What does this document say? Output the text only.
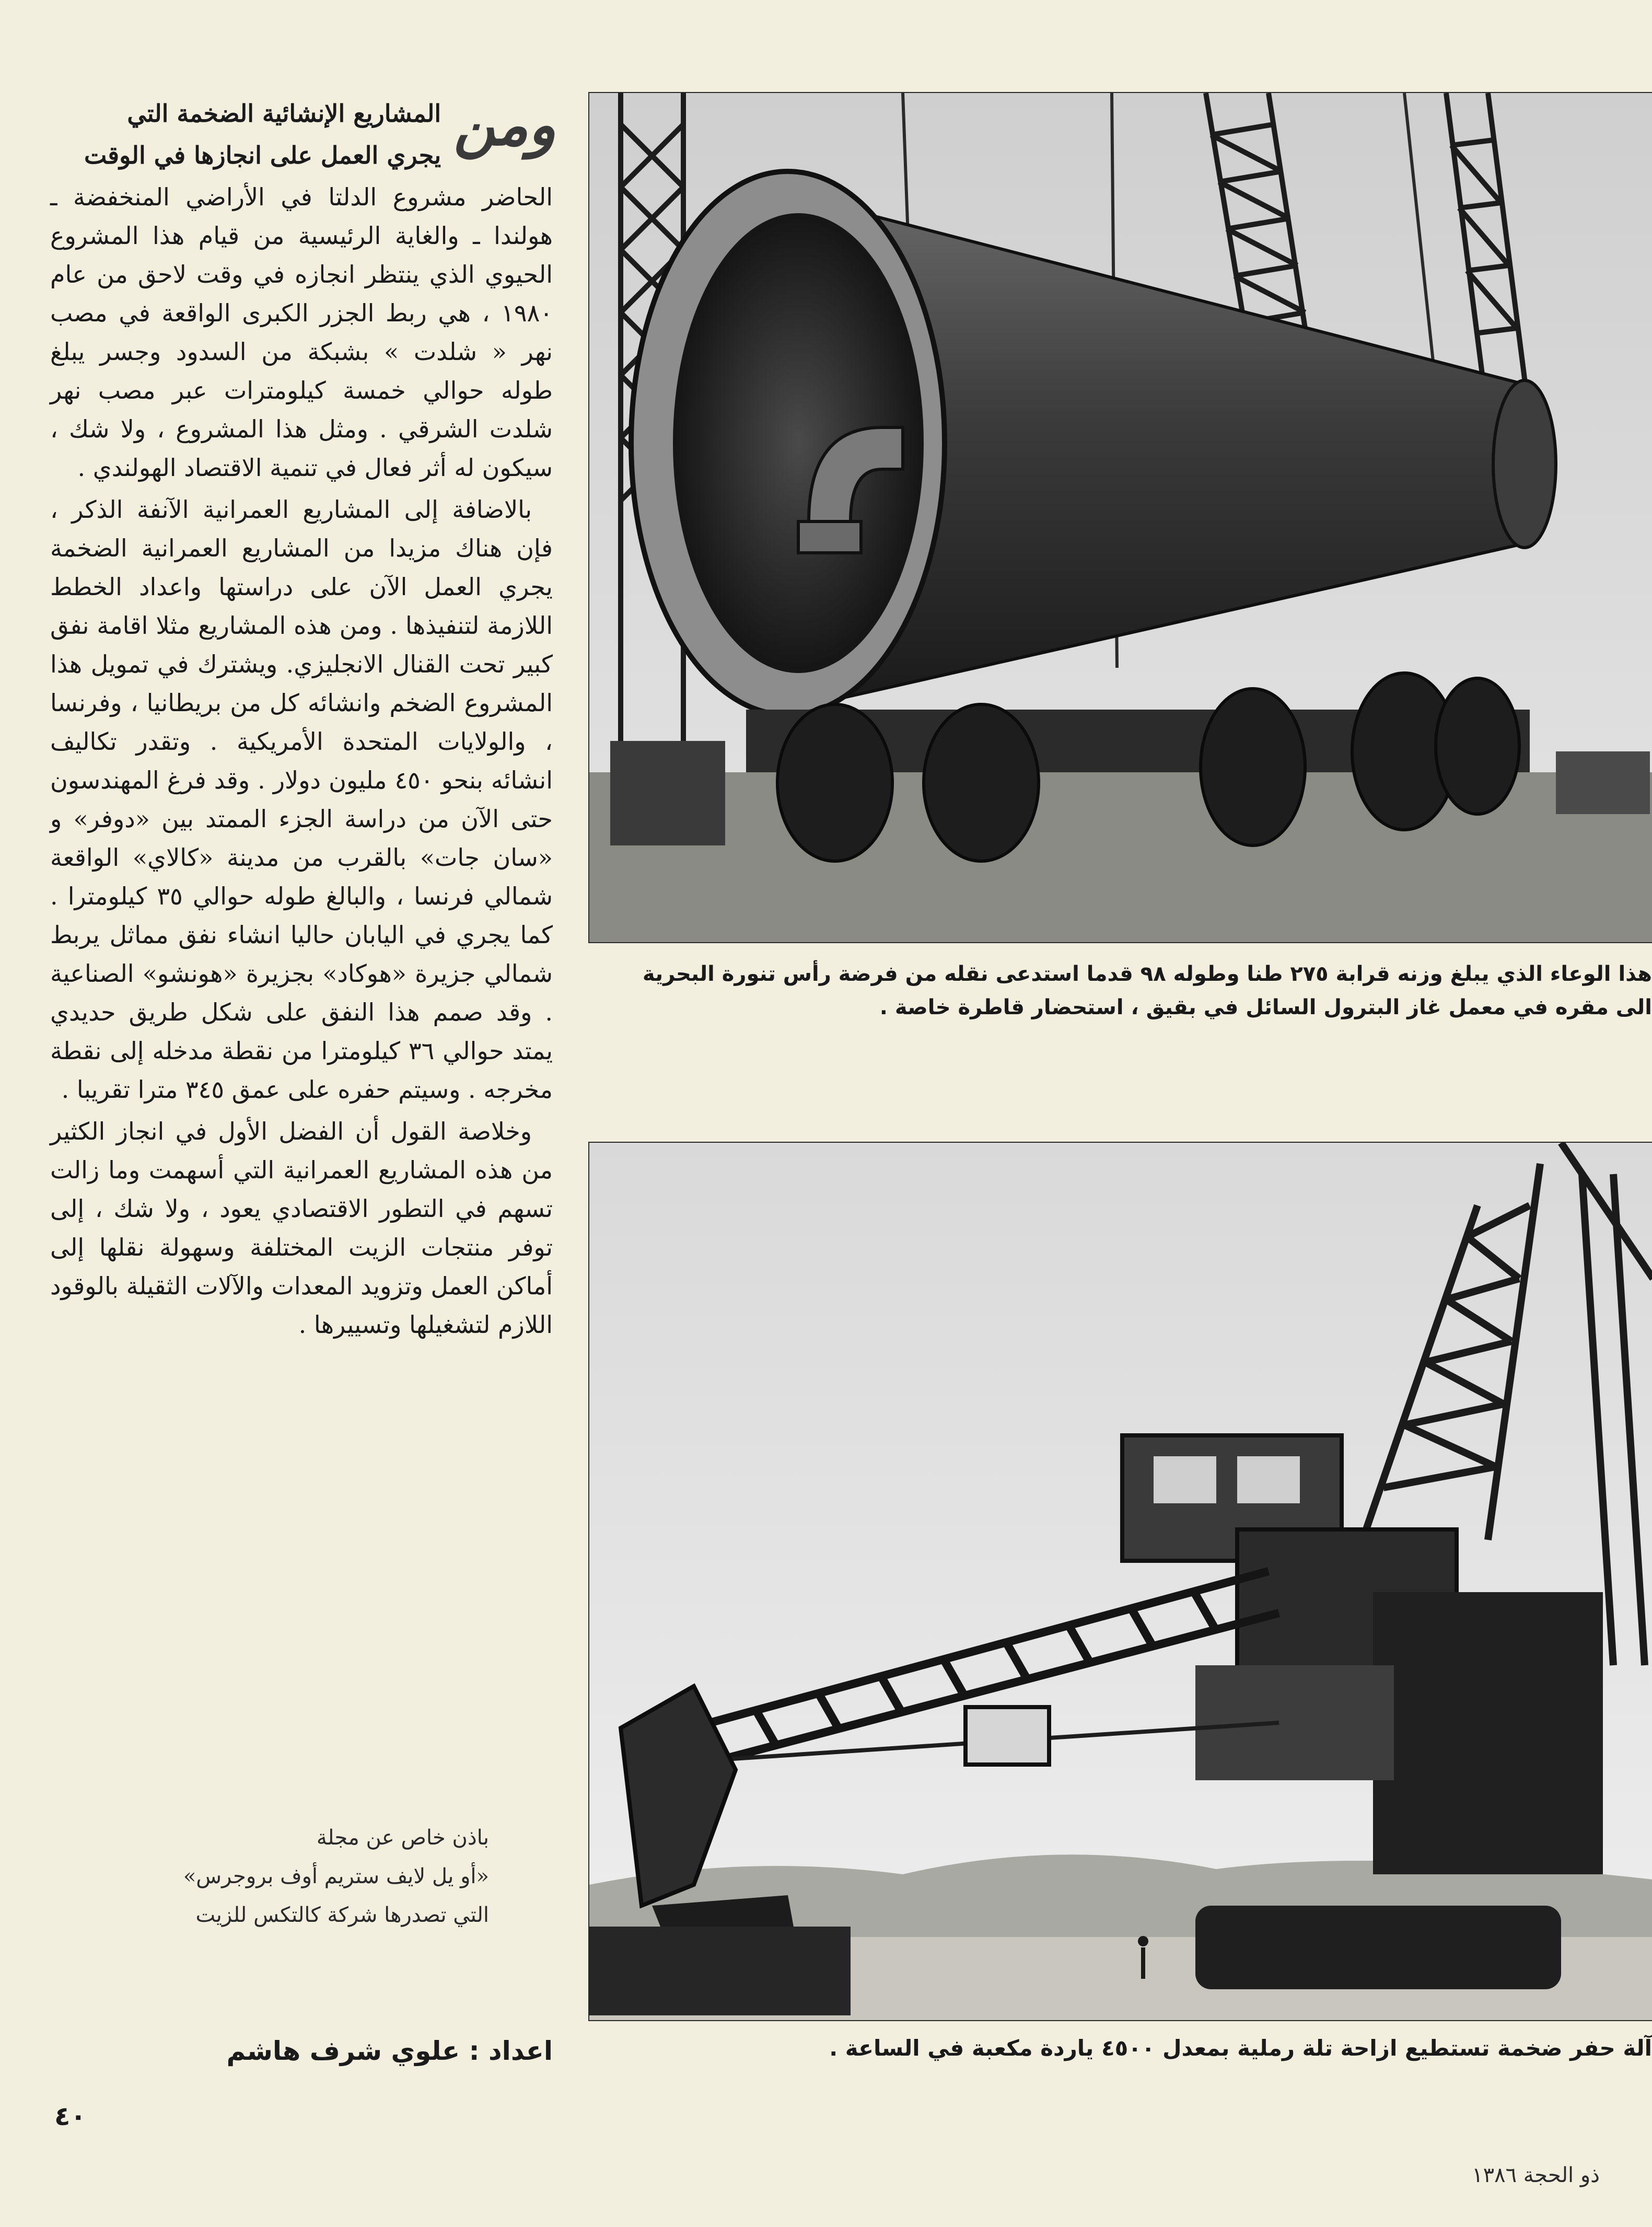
هذا الوعاء الذي يبلغ وزنه قرابة ٢٧٥ طنا وطوله ٩٨ قدما استدعى نقله من فرضة رأس تنورة البحرية
الى مقره في معمل غاز البترول السائل في بقيق ، استحضار قاطرة خاصة .
آلة حفر ضخمة تستطيع ازاحة تلة رملية بمعدل ٤٥٠٠ ياردة مكعبة في الساعة .
ومن

المشاريع الإنشائية الضخمة التي

يجري العمل على انجازها في الوقت

الحاضر مشروع الدلتا في الأراضي المنخفضة ـ هولندا ـ والغاية الرئيسية من قيام هذا المشروع الحيوي الذي ينتظر انجازه في وقت لاحق من عام ١٩٨٠ ، هي ربط الجزر الكبرى الواقعة في مصب نهر « شلدت » بشبكة من السدود وجسر يبلغ طوله حوالي خمسة كيلومترات عبر مصب نهر شلدت الشرقي . ومثل هذا المشروع ، ولا شك ، سيكون له أثر فعال في تنمية الاقتصاد الهولندي .

بالاضافة إلى المشاريع العمرانية الآنفة الذكر ، فإن هناك مزيدا من المشاريع العمرانية الضخمة يجري العمل الآن على دراستها واعداد الخطط اللازمة لتنفيذها . ومن هذه المشاريع مثلا اقامة نفق كبير تحت القنال الانجليزي. ويشترك في تمويل هذا المشروع الضخم وانشائه كل من بريطانيا ، وفرنسا ، والولايات المتحدة الأمريكية . وتقدر تكاليف انشائه بنحو ٤٥٠ مليون دولار . وقد فرغ المهندسون حتى الآن من دراسة الجزء الممتد بين «دوفر» و «سان جات» بالقرب من مدينة «كالاي» الواقعة شمالي فرنسا ، والبالغ طوله حوالي ٣٥ كيلومترا . كما يجري في اليابان حاليا انشاء نفق مماثل يربط شمالي جزيرة «هوكاد» بجزيرة «هونشو» الصناعية . وقد صمم هذا النفق على شكل طريق حديدي يمتد حوالي ٣٦ كيلومترا من نقطة مدخله إلى نقطة مخرجه . وسيتم حفره على عمق ٣٤٥ مترا تقريبا .

وخلاصة القول أن الفضل الأول في انجاز الكثير من هذه المشاريع العمرانية التي أسهمت وما زالت تسهم في التطور الاقتصادي يعود ، ولا شك ، إلى توفر منتجات الزيت المختلفة وسهولة نقلها إلى أماكن العمل وتزويد المعدات والآلات الثقيلة بالوقود اللازم لتشغيلها وتسييرها .

باذن خاص عن مجلة
«أو يل لايف ستريم أوف بروجرس»
التي تصدرها شركة كالتكس للزيت
اعداد : علوي شرف هاشم
٤٠
ذو الحجة ١٣٨٦
